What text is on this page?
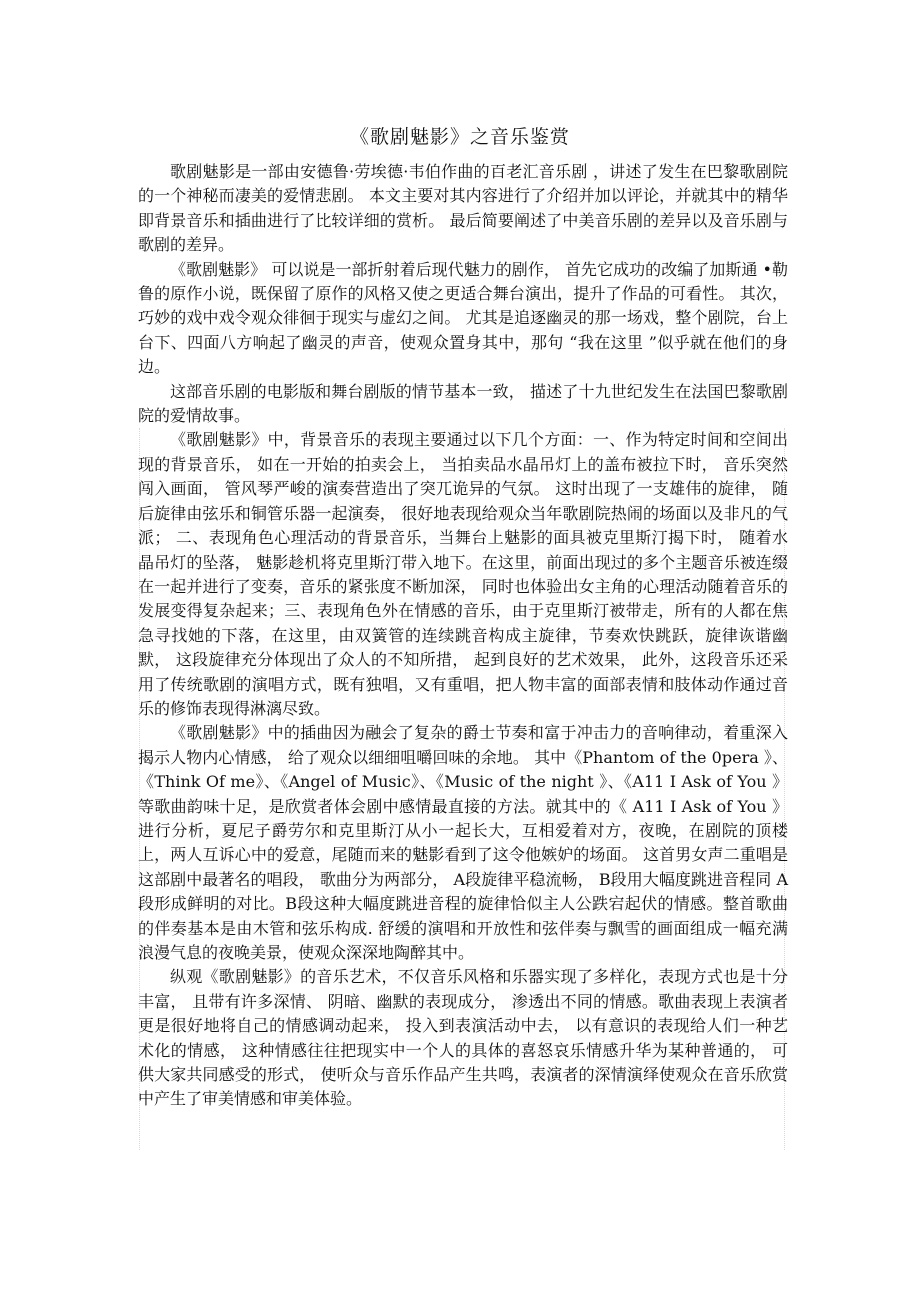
《歌剧魅影》之音乐鉴赏

歌剧魅影是一部由安德鲁·劳埃德·韦伯作曲的百老汇音乐剧 ，讲述了发生在巴黎歌剧院的一个神秘而凄美的爱情悲剧。 本文主要对其内容进行了介绍并加以评论，并就其中的精华即背景音乐和插曲进行了比较详细的赏析。 最后简要阐述了中美音乐剧的差异以及音乐剧与歌剧的差异。

《歌剧魅影》 可以说是一部折射着后现代魅力的剧作， 首先它成功的改编了加斯通 •勒鲁的原作小说，既保留了原作的风格又使之更适合舞台演出，提升了作品的可看性。 其次，巧妙的戏中戏令观众徘徊于现实与虚幻之间。 尤其是追逐幽灵的那一场戏，整个剧院，台上台下、四面八方响起了幽灵的声音，使观众置身其中，那句 “我在这里 ”似乎就在他们的身边。

这部音乐剧的电影版和舞台剧版的情节基本一致， 描述了十九世纪发生在法国巴黎歌剧院的爱情故事。

《歌剧魅影》中，背景音乐的表现主要通过以下几个方面：一、作为特定时间和空间出现的背景音乐， 如在一开始的拍卖会上， 当拍卖品水晶吊灯上的盖布被拉下时， 音乐突然闯入画面， 管风琴严峻的演奏营造出了突兀诡异的气氛。 这时出现了一支雄伟的旋律， 随后旋律由弦乐和铜管乐器一起演奏， 很好地表现给观众当年歌剧院热闹的场面以及非凡的气派； 二、表现角色心理活动的背景音乐，当舞台上魅影的面具被克里斯汀揭下时， 随着水晶吊灯的坠落， 魅影趁机将克里斯汀带入地下。在这里，前面出现过的多个主题音乐被连缀在一起并进行了变奏，音乐的紧张度不断加深， 同时也体验出女主角的心理活动随着音乐的发展变得复杂起来；三、表现角色外在情感的音乐，由于克里斯汀被带走，所有的人都在焦急寻找她的下落，在这里，由双簧管的连续跳音构成主旋律，节奏欢快跳跃，旋律诙谐幽默， 这段旋律充分体现出了众人的不知所措， 起到良好的艺术效果， 此外，这段音乐还采用了传统歌剧的演唱方式，既有独唱，又有重唱，把人物丰富的面部表情和肢体动作通过音乐的修饰表现得淋漓尽致。

《歌剧魅影》中的插曲因为融会了复杂的爵士节奏和富于冲击力的音响律动，着重深入揭示人物内心情感， 给了观众以细细咀嚼回味的余地。 其中《Phantom of the 0pera 》、《Think Of me》、《Angel of Music》、《Music of the night 》、《A11 I Ask of You 》等歌曲韵味十足，是欣赏者体会剧中感情最直接的方法。就其中的《 A11 I Ask of You 》进行分析，夏尼子爵劳尔和克里斯汀从小一起长大，互相爱着对方，夜晚，在剧院的顶楼上，两人互诉心中的爱意，尾随而来的魅影看到了这令他嫉妒的场面。 这首男女声二重唱是这部剧中最著名的唱段， 歌曲分为两部分， A段旋律平稳流畅， B段用大幅度跳进音程同 A段形成鲜明的对比。B段这种大幅度跳进音程的旋律恰似主人公跌宕起伏的情感。整首歌曲的伴奏基本是由木管和弦乐构成. 舒缓的演唱和开放性和弦伴奏与飘雪的画面组成一幅充满浪漫气息的夜晚美景，使观众深深地陶醉其中。

纵观《歌剧魅影》的音乐艺术，不仅音乐风格和乐器实现了多样化，表现方式也是十分丰富， 且带有许多深情、 阴暗、幽默的表现成分， 渗透出不同的情感。歌曲表现上表演者更是很好地将自己的情感调动起来， 投入到表演活动中去， 以有意识的表现给人们一种艺术化的情感， 这种情感往往把现实中一个人的具体的喜怒哀乐情感升华为某种普通的， 可供大家共同感受的形式， 使听众与音乐作品产生共鸣，表演者的深情演绎使观众在音乐欣赏中产生了审美情感和审美体验。
